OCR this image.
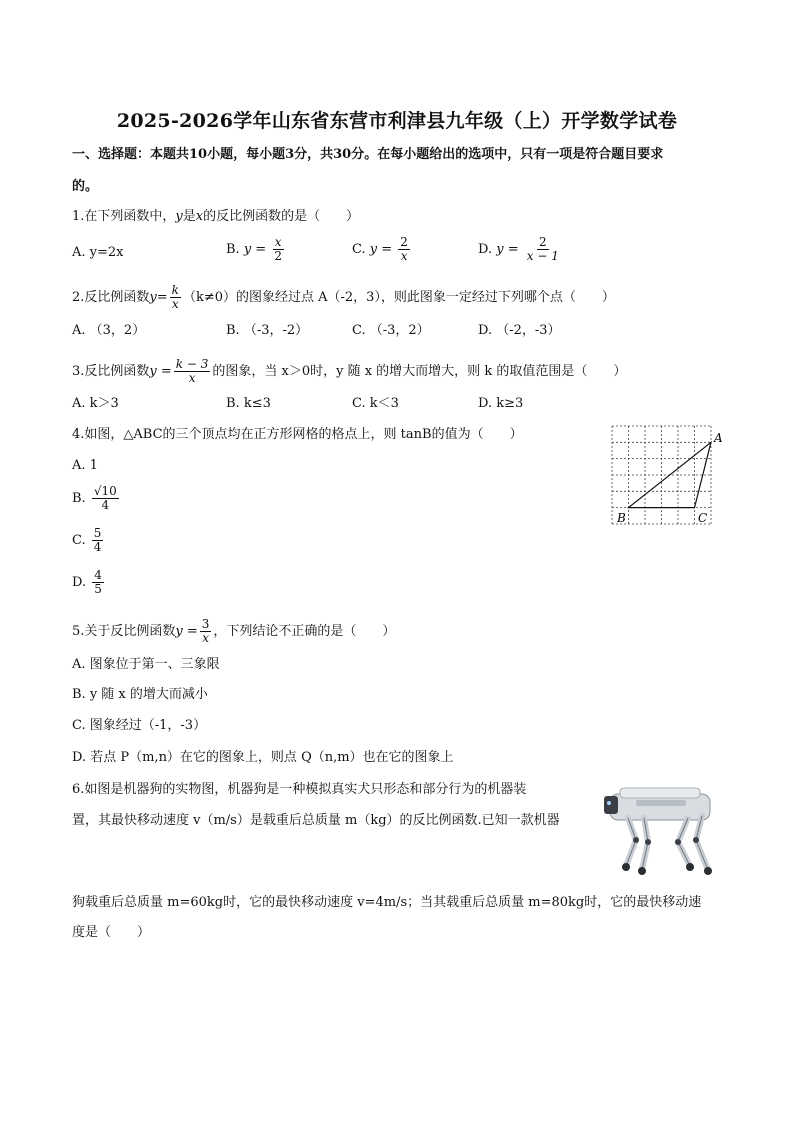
2025-2026学年山东省东营市利津县九年级（上）开学数学试卷
一、选择题：本题共10小题，每小题3分，共30分。在每小题给出的选项中，只有一项是符合题目要求
的。
1.在下列函数中，y是x的反比例函数的是（　　）
A. y=2x	B. $y = \frac{x}{2}$	C. $y = \frac{2}{x}$	D. $y = \frac{2}{x - 1}$
2.反比例函数$y= \frac{k}{x} (k\ne 0)$的图象经过点 A（-2，3），则此图象一定经过下列哪个点（　　）
A. （3，2）	B. （-3，-2）	C. （-3，2）	D. （-2，-3）
3.反比例函数$y = \frac{k - 3}{x}$ 的图象，当 x＞0时，y 随 x 的增大而增大，则 k 的取值范围是（　　）
A. k＞3	B. k≤3	C. k＜3	D. k≥3
4.如图，△ABC的三个顶点均在正方形网格的格点上，则 tanB的值为（　　）
A. 1
B. $\frac{√10}{4}$
C. $\frac{5}{4}$
D. $\frac{4}{5}$
A
B	C
5.关于反比例函数$y = \frac{3}{x}$ ，下列结论不正确的是（　　）
A. 图象位于第一、三象限
B. y 随 x 的增大而减小
C. 图象经过（-1，-3）
D. 若点 P（m,n）在它的图象上，则点 Q（n,m）也在它的图象上
6.如图是机器狗的实物图，机器狗是一种模拟真实犬只形态和部分行为的机器装
置，其最快移动速度 v（m/s）是载重后总质量 m（kg）的反比例函数.已知一款机器
狗载重后总质量 m=60kg时，它的最快移动速度 v=4m/s；当其载重后总质量 m=80kg时，它的最快移动速
度是（　　）
